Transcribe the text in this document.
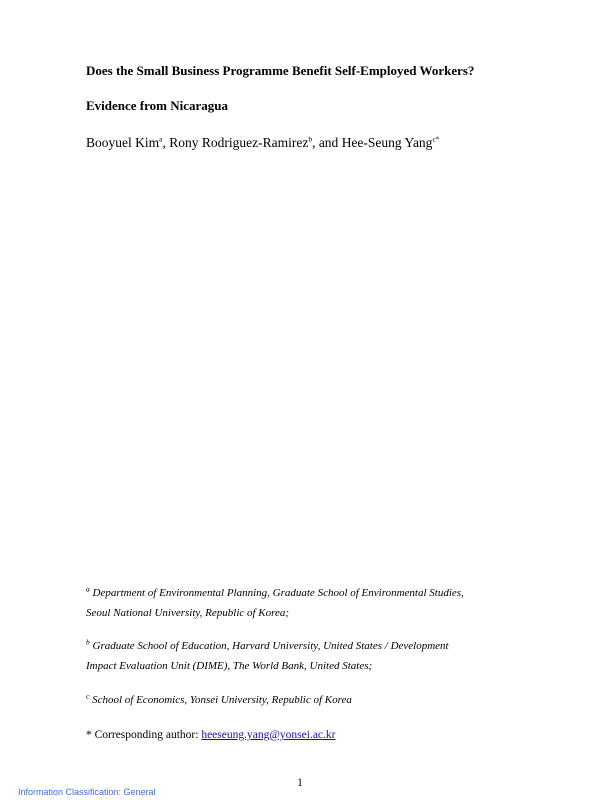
Does the Small Business Programme Benefit Self-Employed Workers?
Evidence from Nicaragua
Booyuel Kim$^a$, Rony Rodriguez-Ramirez$^b$, and Hee-Seung Yang$^{c*}$
$^a$ Department of Environmental Planning, Graduate School of Environmental Studies,
Seoul National University, Republic of Korea;
$^b$ Graduate School of Education, Harvard University, United States / Development
Impact Evaluation Unit (DIME), The World Bank, United States;
$^c$ School of Economics, Yonsei University, Republic of Korea
* Corresponding author: heeseung.yang@yonsei.ac.kr
1
Information Classification: General
